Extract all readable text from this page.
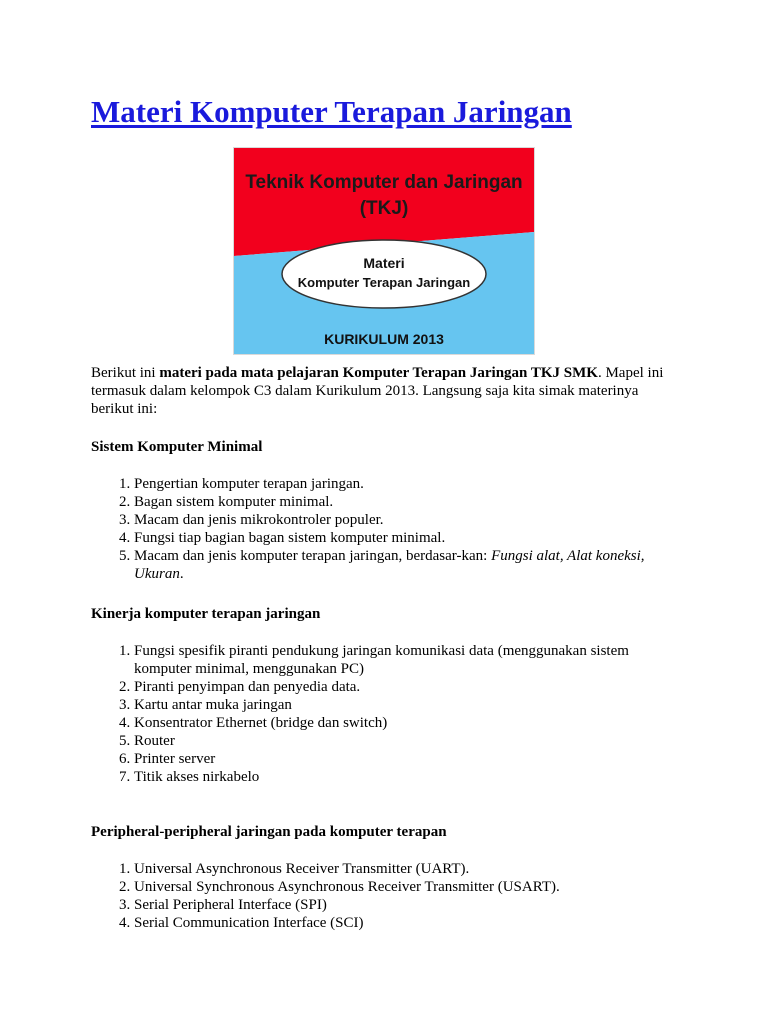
Materi Komputer Terapan Jaringan
Teknik Komputer dan Jaringan
(TKJ)
Materi
Komputer Terapan Jaringan
KURIKULUM 2013

Berikut ini materi pada mata pelajaran Komputer Terapan Jaringan TKJ SMK. Mapel ini termasuk dalam kelompok C3 dalam Kurikulum 2013. Langsung saja kita simak materinya berikut ini:

Sistem Komputer Minimal

1. Pengertian komputer terapan jaringan.
2. Bagan sistem komputer minimal.
3. Macam dan jenis mikrokontroler populer.
4. Fungsi tiap bagian bagan sistem komputer minimal.
5. Macam dan jenis komputer terapan jaringan, berdasar-kan: Fungsi alat, Alat koneksi, Ukuran.

Kinerja komputer terapan jaringan

1. Fungsi spesifik piranti pendukung jaringan komunikasi data (menggunakan sistem komputer minimal, menggunakan PC)
2. Piranti penyimpan dan penyedia data.
3. Kartu antar muka jaringan
4. Konsentrator Ethernet (bridge dan switch)
5. Router
6. Printer server
7. Titik akses nirkabelo

Peripheral-peripheral jaringan pada komputer terapan

1. Universal Asynchronous Receiver Transmitter (UART).
2. Universal Synchronous Asynchronous Receiver Transmitter (USART).
3. Serial Peripheral Interface (SPI)
4. Serial Communication Interface (SCI)
